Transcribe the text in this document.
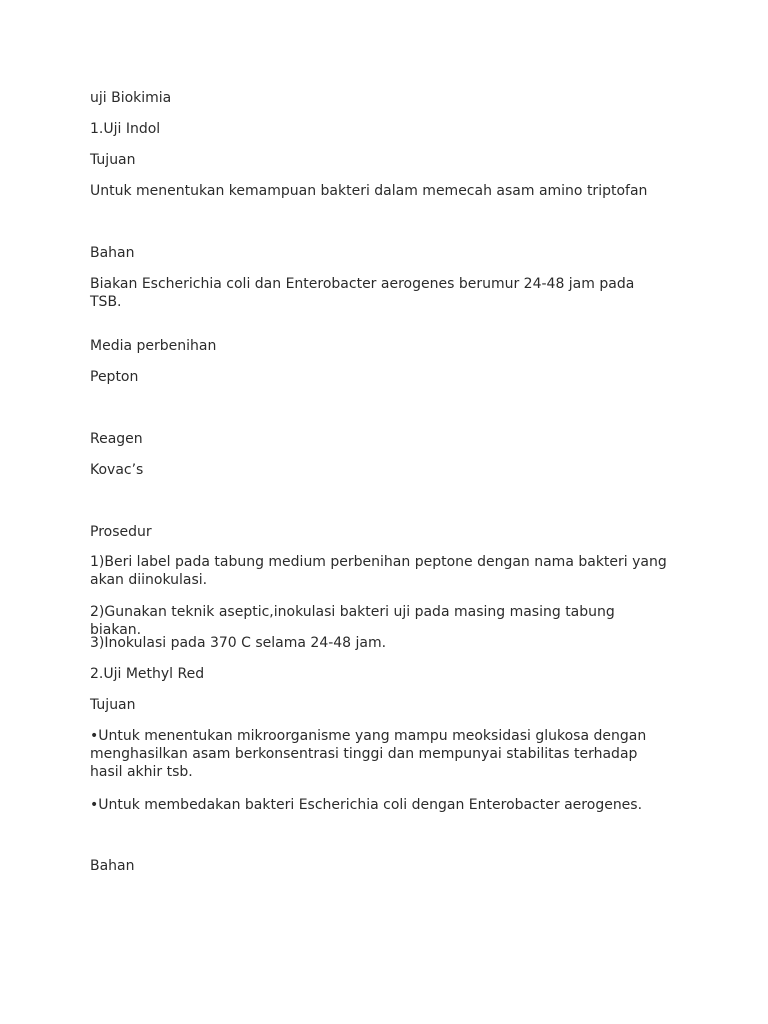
uji Biokimia

1.Uji Indol

Tujuan

Untuk menentukan kemampuan bakteri dalam memecah asam amino triptofan

Bahan

Biakan Escherichia coli dan Enterobacter aerogenes berumur 24-48 jam pada TSB.

Media perbenihan

Pepton

Reagen

Kovac’s

Prosedur

1)Beri label pada tabung medium perbenihan peptone dengan nama bakteri yang akan diinokulasi.

2)Gunakan teknik aseptic,inokulasi bakteri uji pada masing masing tabung biakan.

3)Inokulasi pada 370 C selama 24-48 jam.

2.Uji Methyl Red

Tujuan

•Untuk menentukan mikroorganisme yang mampu meoksidasi glukosa dengan menghasilkan asam berkonsentrasi tinggi dan mempunyai stabilitas terhadap hasil akhir tsb.

•Untuk membedakan bakteri Escherichia coli dengan Enterobacter aerogenes.

Bahan
